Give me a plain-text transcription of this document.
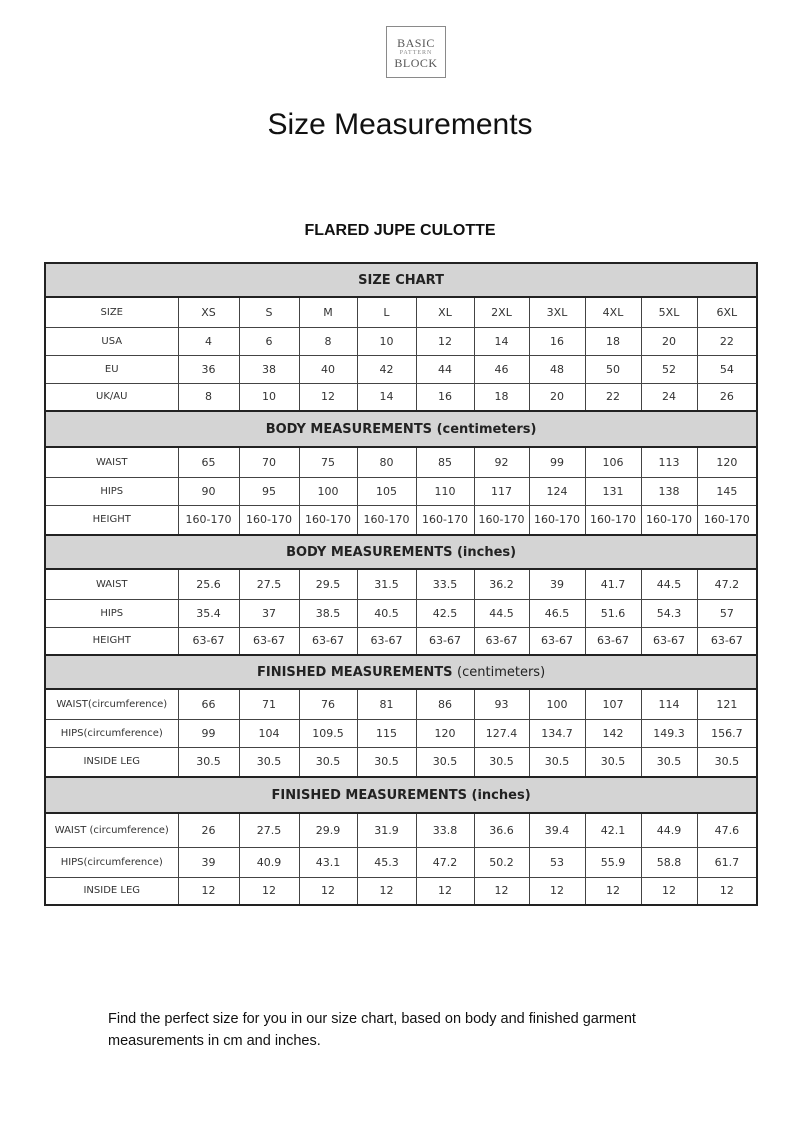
BASIC
PATTERN
BLOCK
Size Measurements
FLARED JUPE CULOTTE
SIZE CHART										
SIZE	XS	S	M	L	XL	2XL	3XL	4XL	5XL	6XL
USA	4	6	8	10	12	14	16	18	20	22
EU	36	38	40	42	44	46	48	50	52	54
UK/AU	8	10	12	14	16	18	20	22	24	26
BODY MEASUREMENTS (centimeters)										
WAIST	65	70	75	80	85	92	99	106	113	120
HIPS	90	95	100	105	110	117	124	131	138	145
HEIGHT	160-170	160-170	160-170	160-170	160-170	160-170	160-170	160-170	160-170	160-170
BODY MEASUREMENTS (inches)										
WAIST	25.6	27.5	29.5	31.5	33.5	36.2	39	41.7	44.5	47.2
HIPS	35.4	37	38.5	40.5	42.5	44.5	46.5	51.6	54.3	57
HEIGHT	63-67	63-67	63-67	63-67	63-67	63-67	63-67	63-67	63-67	63-67
FINISHED MEASUREMENTS (centimeters)										
WAIST(circumference)	66	71	76	81	86	93	100	107	114	121
HIPS(circumference)	99	104	109.5	115	120	127.4	134.7	142	149.3	156.7
INSIDE LEG	30.5	30.5	30.5	30.5	30.5	30.5	30.5	30.5	30.5	30.5
FINISHED MEASUREMENTS (inches)										
WAIST (circumference)	26	27.5	29.9	31.9	33.8	36.6	39.4	42.1	44.9	47.6
HIPS(circumference)	39	40.9	43.1	45.3	47.2	50.2	53	55.9	58.8	61.7
INSIDE LEG	12	12	12	12	12	12	12	12	12	12

Find the perfect size for you in our size chart, based on body and finished garment measurements in cm and inches.
